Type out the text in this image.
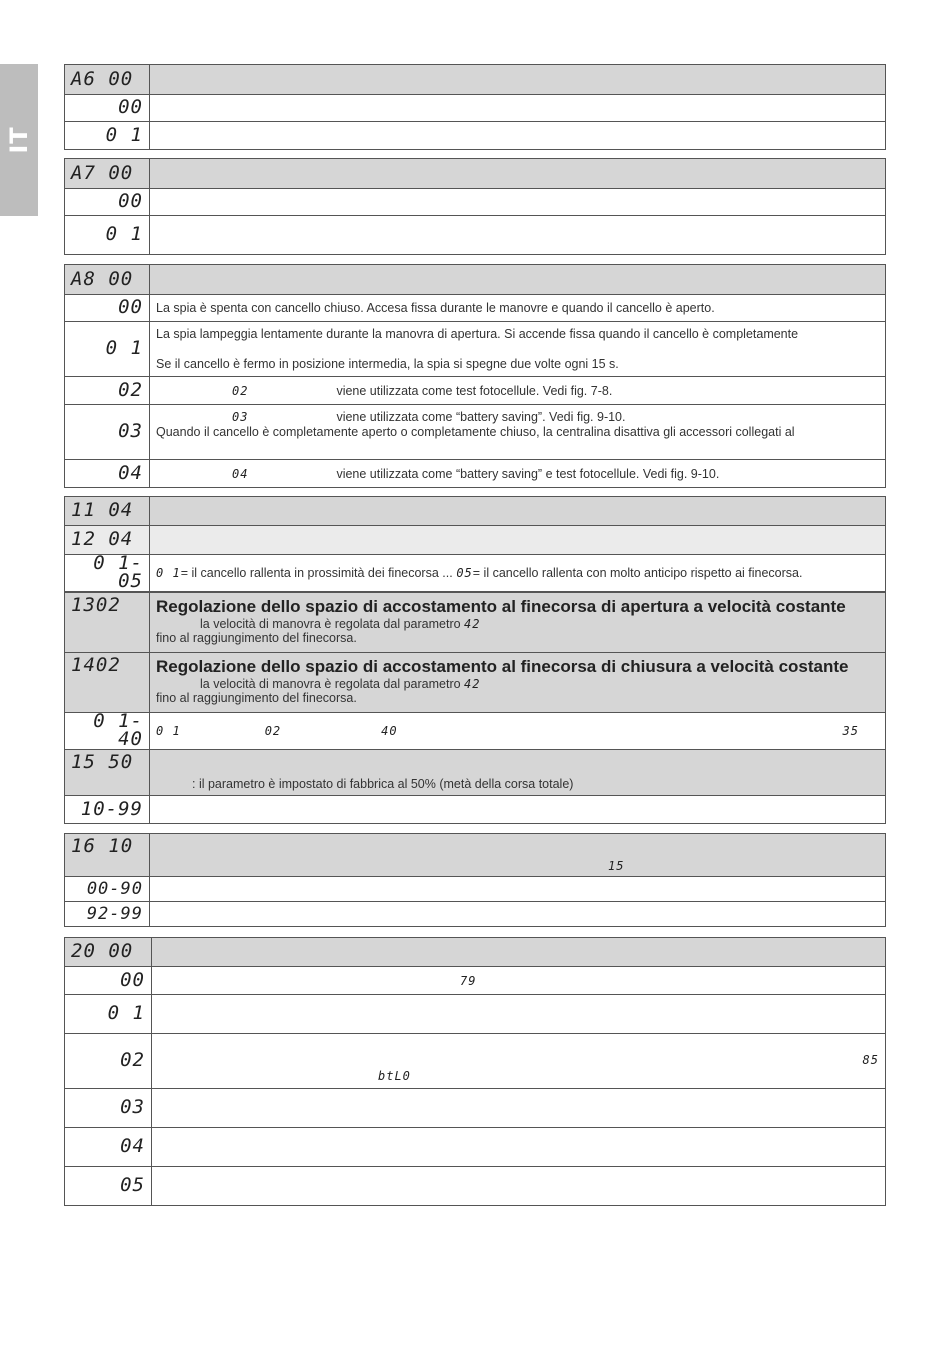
IT
A6 00	
00	
0 1	
A7 00	
00	
0 1	
A8 00	
00	La spia è spenta con cancello chiuso. Accesa fissa durante le manovre e quando il cancello è aperto.
0 1	La spia lampeggia lentamente durante la manovra di apertura. Si accende fissa quando il cancello è completamente
Se il cancello è fermo in posizione intermedia, la spia si spegne due volte ogni 15 s.

02	02 viene utilizzata come test fotocellule. Vedi fig. 7-8.
03	03 viene utilizzata come “battery saving”. Vedi fig. 9-10.
Quando il cancello è completamente aperto o completamente chiuso, la centralina disattiva gli accessori collegati al

04	04 viene utilizzata come “battery saving” e test fotocellule. Vedi fig. 9-10.
11 04	
12 04	
0 1-05	0 1= il cancello rallenta in prossimità dei finecorsa ... 05= il cancello rallenta con molto anticipo rispetto ai finecorsa.
1302	Regolazione dello spazio di accostamento al finecorsa di apertura a velocità costante
la velocità di manovra è regolata dal parametro 42
fino al raggiungimento del finecorsa.

1402	Regolazione dello spazio di accostamento al finecorsa di chiusura a velocità costante
la velocità di manovra è regolata dal parametro 42
fino al raggiungimento del finecorsa.

0 1-40	0 1 02 40 35
15 50	: il parametro è impostato di fabbrica al 50% (metà della corsa totale)
10-99	
16 10	15
00-90	
92-99	
20 00	
00	79
0 1	
02	85
btL0

03	
04	
05	
